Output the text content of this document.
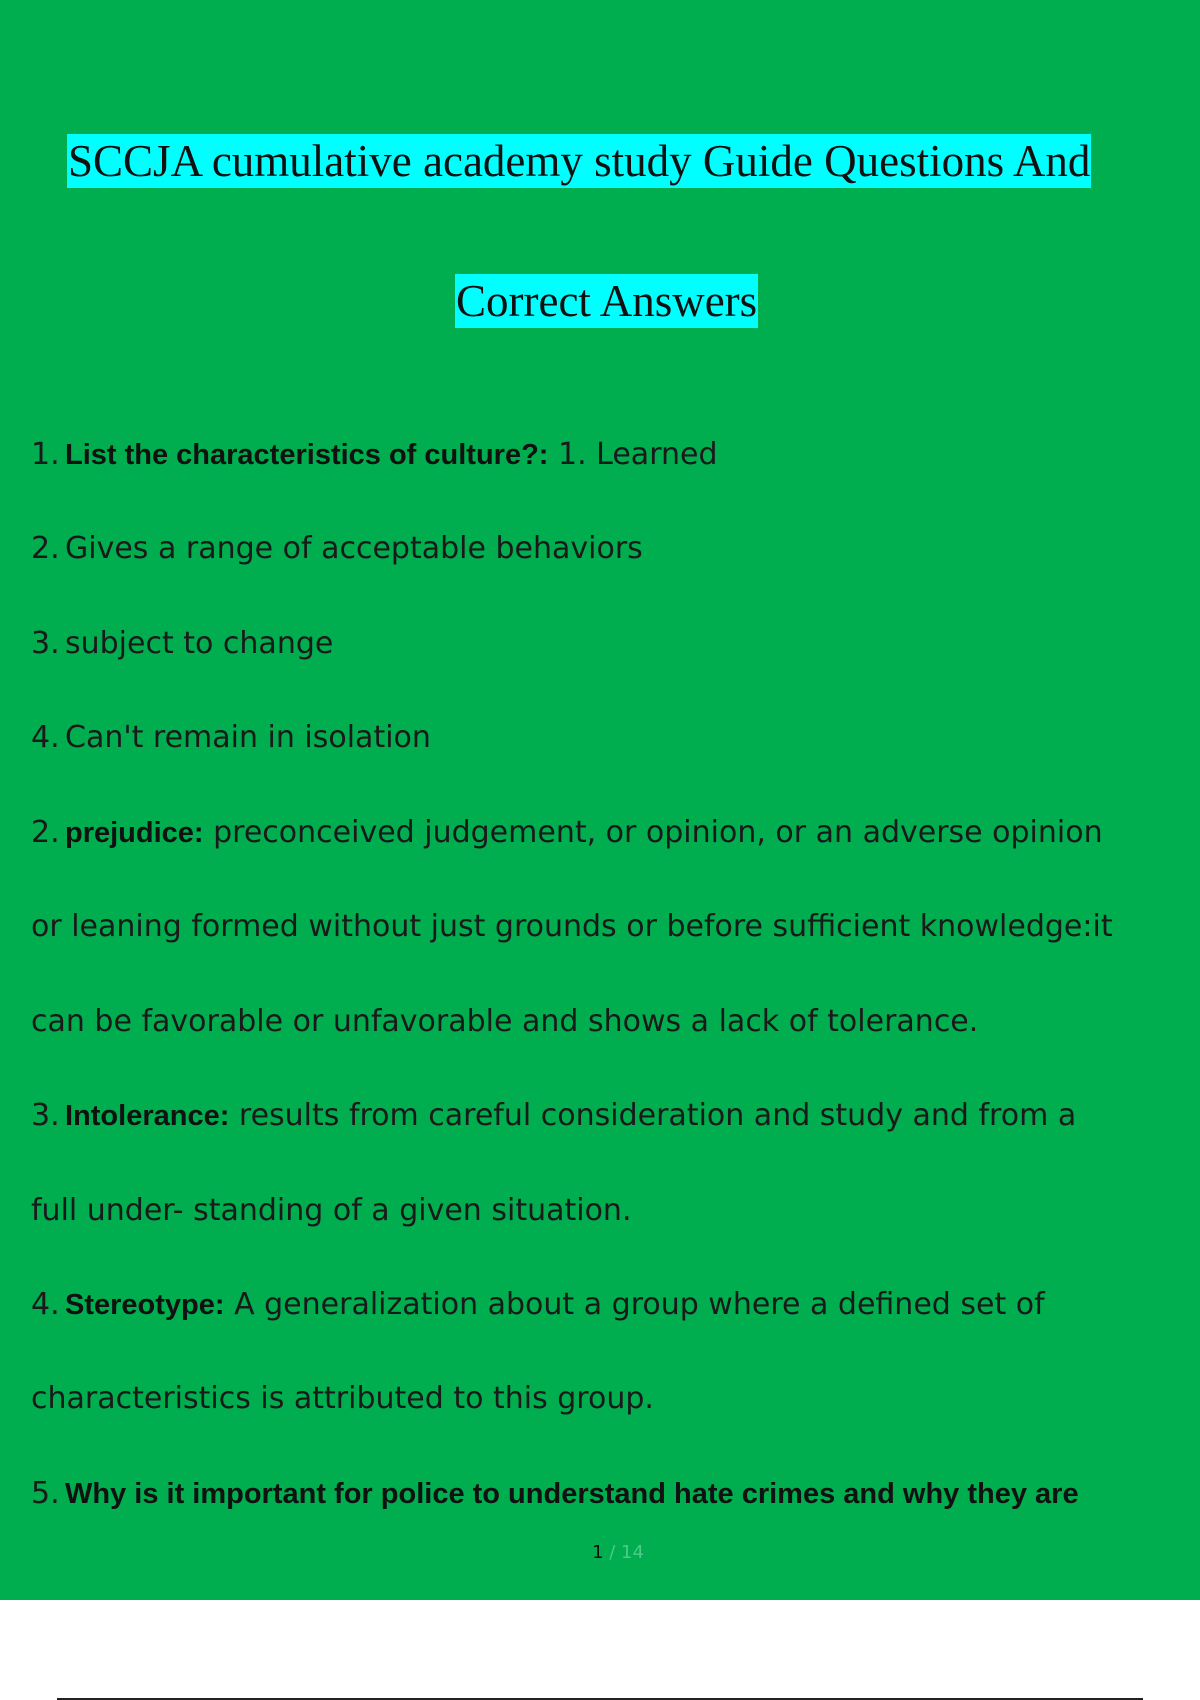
SCCJA cumulative academy study Guide Questions And
Correct Answers
1. List the characteristics of culture?: 1. Learned
2. Gives a range of acceptable behaviors
3. subject to change
4. Can't remain in isolation
2. prejudice: preconceived judgement, or opinion, or an adverse opinion
or leaning formed without just grounds or before sufficient knowledge:it
can be favorable or unfavorable and shows a lack of tolerance.
3. Intolerance: results from careful consideration and study and from a
full under- standing of a given situation.
4. Stereotype: A generalization about a group where a defined set of
characteristics is attributed to this group.
5. Why is it important for police to understand hate crimes and why they are
1 / 14
